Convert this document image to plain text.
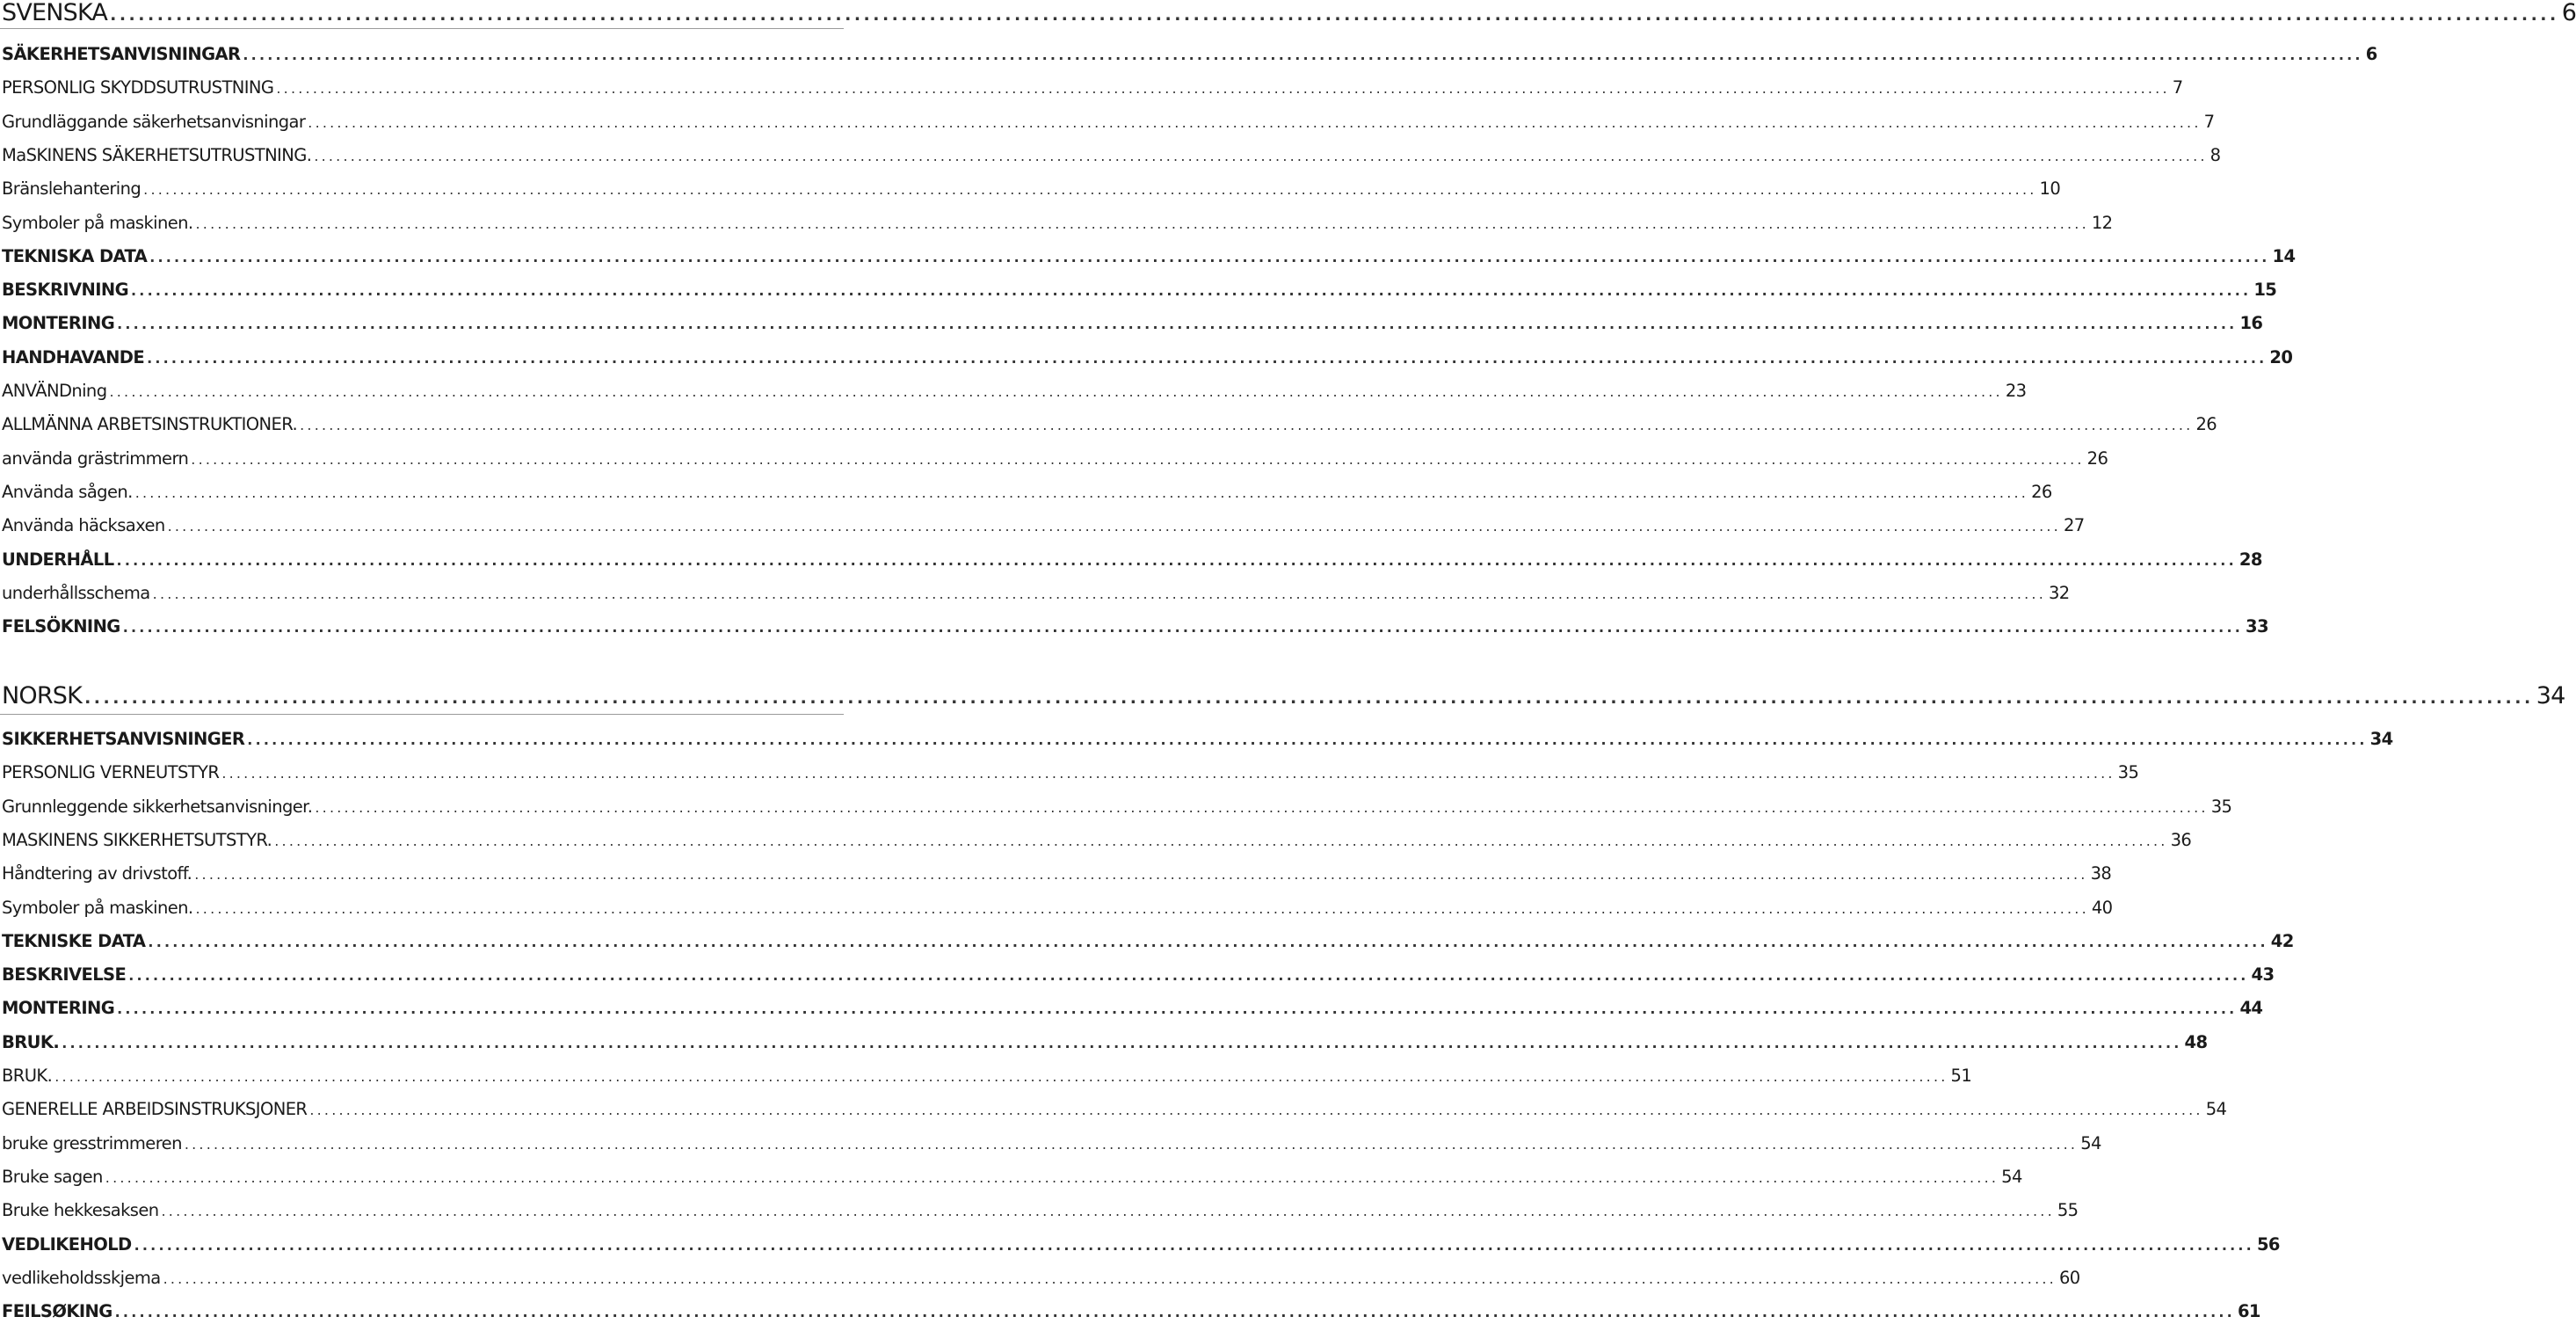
SVENSKA .................................................................................................................................................................................................................................................................... 6
SÄKERHETSANVISNINGAR .................................................................................................................................................................................................................................................................... 6
PERSONLIG SKYDDSUTRUSTNING .................................................................................................................................................................................................................................................................... 7
Grundläggande säkerhetsanvisningar .................................................................................................................................................................................................................................................................... 7
MaSKINENS SÄKERHETSUTRUSTNING. .................................................................................................................................................................................................................................................................... 8
Bränslehantering .................................................................................................................................................................................................................................................................... 10
Symboler på maskinen. .................................................................................................................................................................................................................................................................... 12
TEKNISKA DATA .................................................................................................................................................................................................................................................................... 14
BESKRIVNING .................................................................................................................................................................................................................................................................... 15
MONTERING .................................................................................................................................................................................................................................................................... 16
HANDHAVANDE .................................................................................................................................................................................................................................................................... 20
ANVÄNDning .................................................................................................................................................................................................................................................................... 23
ALLMÄNNA ARBETSINSTRUKTIONER. .................................................................................................................................................................................................................................................................... 26
använda grästrimmern .................................................................................................................................................................................................................................................................... 26
Använda sågen. .................................................................................................................................................................................................................................................................... 26
Använda häcksaxen .................................................................................................................................................................................................................................................................... 27
UNDERHÅLL .................................................................................................................................................................................................................................................................... 28
underhållsschema .................................................................................................................................................................................................................................................................... 32
FELSÖKNING .................................................................................................................................................................................................................................................................... 33
NORSK .................................................................................................................................................................................................................................................................... 34
SIKKERHETSANVISNINGER .................................................................................................................................................................................................................................................................... 34
PERSONLIG VERNEUTSTYR .................................................................................................................................................................................................................................................................... 35
Grunnleggende sikkerhetsanvisninger. .................................................................................................................................................................................................................................................................... 35
MASKINENS SIKKERHETSUTSTYR. .................................................................................................................................................................................................................................................................... 36
Håndtering av drivstoff. .................................................................................................................................................................................................................................................................... 38
Symboler på maskinen. .................................................................................................................................................................................................................................................................... 40
TEKNISKE DATA .................................................................................................................................................................................................................................................................... 42
BESKRIVELSE .................................................................................................................................................................................................................................................................... 43
MONTERING .................................................................................................................................................................................................................................................................... 44
BRUK. .................................................................................................................................................................................................................................................................... 48
BRUK. .................................................................................................................................................................................................................................................................... 51
GENERELLE ARBEIDSINSTRUKSJONER .................................................................................................................................................................................................................................................................... 54
bruke gresstrimmeren .................................................................................................................................................................................................................................................................... 54
Bruke sagen .................................................................................................................................................................................................................................................................... 54
Bruke hekkesaksen .................................................................................................................................................................................................................................................................... 55
VEDLIKEHOLD .................................................................................................................................................................................................................................................................... 56
vedlikeholdsskjema .................................................................................................................................................................................................................................................................... 60
FEILSØKING .................................................................................................................................................................................................................................................................... 61
